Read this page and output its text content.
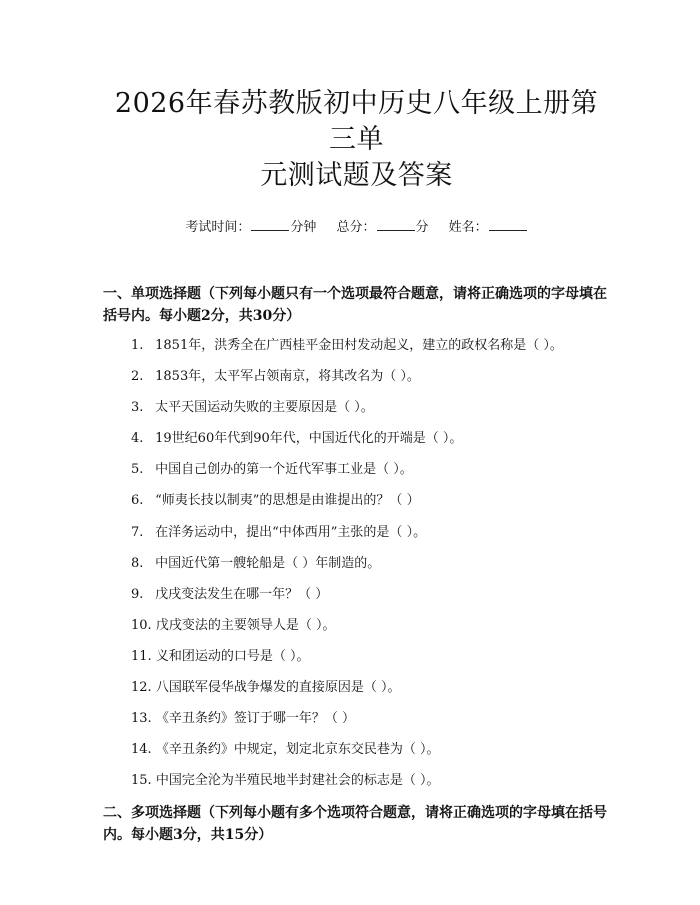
2026年春苏教版初中历史八年级上册第三单
元测试题及答案
考试时间：	分钟 总分：	分 姓名：

一、单项选择题（下列每小题只有一个选项最符合题意，请将正确选项的字母填在括号内。每小题2分，共30分）

1. 1851年，洪秀全在广西桂平金田村发动起义，建立的政权名称是（ ）。
2. 1853年，太平军占领南京，将其改名为（ ）。
3. 太平天国运动失败的主要原因是（ ）。
4. 19世纪60年代到90年代，中国近代化的开端是（ ）。
5. 中国自己创办的第一个近代军事工业是（ ）。
6. “师夷长技以制夷”的思想是由谁提出的？（ ）
7. 在洋务运动中，提出“中体西用”主张的是（ ）。
8. 中国近代第一艘轮船是（ ）年制造的。
9. 戊戌变法发生在哪一年？（ ）
10. 戊戌变法的主要领导人是（ ）。
11. 义和团运动的口号是（ ）。
12. 八国联军侵华战争爆发的直接原因是（ ）。
13. 《辛丑条约》签订于哪一年？（ ）
14. 《辛丑条约》中规定，划定北京东交民巷为（ ）。
15. 中国完全沦为半殖民地半封建社会的标志是（ ）。

二、多项选择题（下列每小题有多个选项符合题意，请将正确选项的字母填在括号内。每小题3分，共15分）
